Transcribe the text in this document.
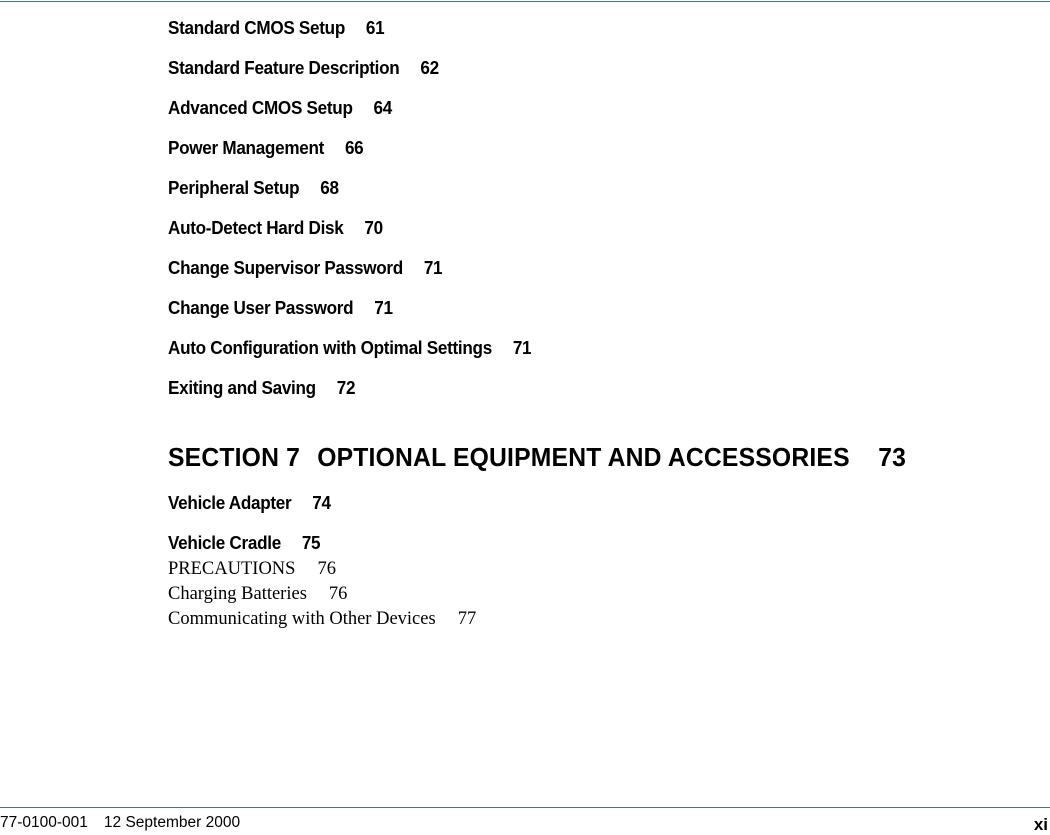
Standard CMOS Setup 61
Standard Feature Description 62
Advanced CMOS Setup 64
Power Management 66
Peripheral Setup 68
Auto-Detect Hard Disk 70
Change Supervisor Password 71
Change User Password 71
Auto Configuration with Optimal Settings 71
Exiting and Saving 72
SECTION 7 OPTIONAL EQUIPMENT AND ACCESSORIES 73
Vehicle Adapter 74
Vehicle Cradle 75
PRECAUTIONS 76
Charging Batteries 76
Communicating with Other Devices 77
77-0100-001 12 September 2000	xi
